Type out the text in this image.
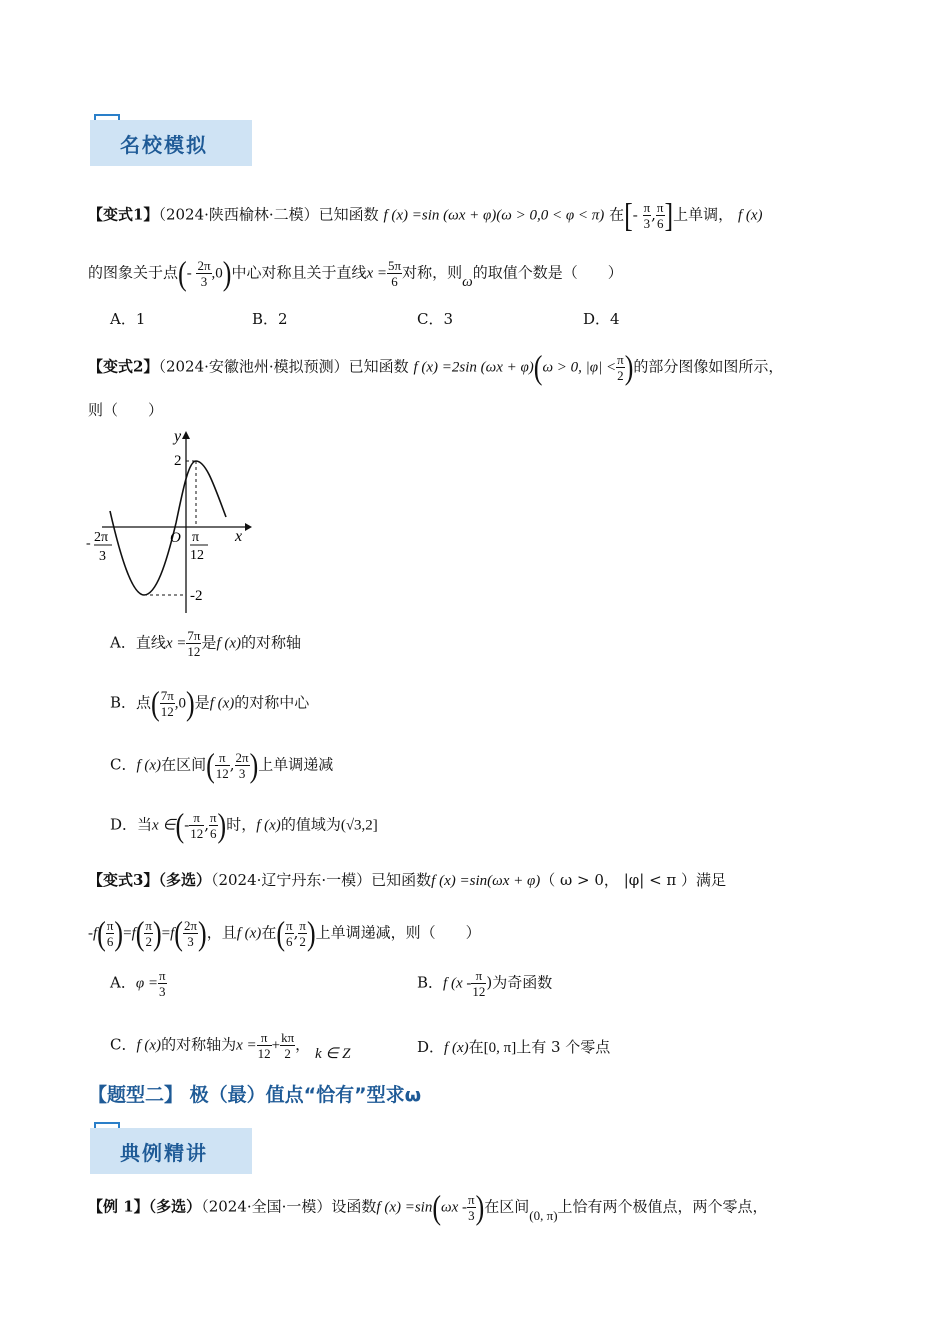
名校模拟
【变式1】（2024·陕西榆林·二模）已知函数 f (x) =sin (ωx + φ)(ω > 0,0 < φ < π) 在[- $\frac{\pi}{3}$ , $\frac{\pi}{6}$ ]上单调， f (x)
的图象关于点(- $\frac{2\pi}{3} ,0$)中心对称且关于直线$x = \frac{5\pi}{6}$ 对称，则ω的取值个数是（　　）
A．1	B．2	C．3	D．4
【变式2】（2024·安徽池州·模拟预测）已知函数 f (x) =2sin (ωx + φ)(ω > 0, $|\varphi| < \frac{\pi}{2}$ )的部分图像如图所示，
则（　　）
y
x
O
2
-2
- 2π
3
π
12
A．直线$x = \frac{7\pi}{12}$ 是f (x)的对称轴
B．点( $\frac{7\pi}{12} ,0$)是f (x)的对称中心
C．f (x)在区间( $\frac{\pi}{12}$ , $\frac{2\pi}{3}$ )上单调递减
D．当x ∈(- $\frac{\pi}{12}$ , $\frac{\pi}{6}$ )时，f (x)的值域为(√3,2]
【变式3】（多选）（2024·辽宁丹东·一模）已知函数f (x) =sin(ωx + φ)（ ω > 0， |φ| < π ）满足
$-f( \frac{\pi}{6} )=f( \frac{\pi}{2} )=f( \frac{2\pi}{3}$ )，且f (x)在( $\frac{\pi}{6}$ , $\frac{\pi}{2}$ )上单调递减，则（　　）
A．$\varphi = \frac{\pi}{3}$	B．f ($x - \frac{\pi}{12}$ )为奇函数
C．f (x)的对称轴为$x = \frac{\pi}{12} + \frac{k\pi}{2}$ ， k ∈ Z	D．f (x)在[0, π]上有 3 个零点
【题型二】 极（最）值点“恰有”型求ω
典例精讲
【例 1】（多选）（2024·全国·一模）设函数f $(x) =\sin(\omega x - \frac{\pi}{3}$ )在区间(0, π)上恰有两个极值点，两个零点，
